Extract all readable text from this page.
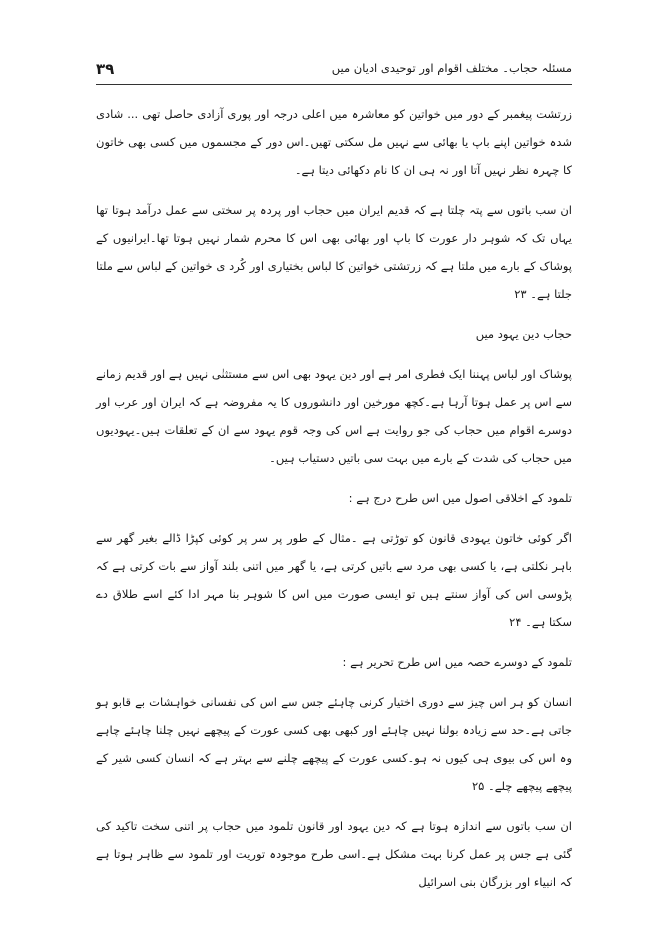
۳۹	مسئلہ حجاب۔ مختلف اقوام اور توحیدی ادیان میں

زرتشت پیغمبر کے دور میں خواتین کو معاشرہ میں اعلی درجہ اور پوری آزادی حاصل تھی ... شادی شدہ خواتین اپنے باپ یا بھائی سے نہیں مل سکتی تھیں۔اس دور کے مجسموں میں کسی بھی خاتون کا چہرہ نظر نہیں آتا اور نہ ہی ان کا نام دکھائی دیتا ہے۔

ان سب باتوں سے پتہ چلتا ہے کہ قدیم ایران میں حجاب اور پردہ پر سختی سے عمل درآمد ہوتا تھا یہاں تک کہ شوہر دار عورت کا باپ اور بھائی بھی اس کا محرم شمار نہیں ہوتا تھا۔ایرانیوں کے پوشاک کے بارے میں ملتا ہے کہ زرتشتی خواتین کا لباس بختیاری اور کُرد ی خواتین کے لباس سے ملتا جلتا ہے۔ ۲۳

حجاب دین یہود میں

پوشاک اور لباس پہننا ایک فطری امر ہے اور دین یہود بھی اس سے مستثنٰی نہیں ہے اور قدیم زمانے سے اس پر عمل ہوتا آرہا ہے۔کچھ مورخین اور دانشوروں کا یہ مفروضہ ہے کہ ایران اور عرب اور دوسرے اقوام میں حجاب کی جو روایت ہے اس کی وجہ قوم یہود سے ان کے تعلقات ہیں۔یہودیوں میں حجاب کی شدت کے بارے میں بہت سی باتیں دستیاب ہیں۔

تلمود کے اخلاقی اصول میں اس طرح درج ہے :

اگر کوئی خاتون یہودی قانون کو توڑتی ہے ۔مثال کے طور پر سر پر کوئی کپڑا ڈالے بغیر گھر سے باہر نکلتی ہے، یا کسی بھی مرد سے باتیں کرتی ہے، یا گھر میں اتنی بلند آواز سے بات کرتی ہے کہ پڑوسی اس کی آواز سنتے ہیں تو ایسی صورت میں اس کا شوہر بنا مہر ادا کئے اسے طلاق دے سکتا ہے۔ ۲۴

تلمود کے دوسرے حصہ میں اس طرح تحریر ہے :

انسان کو ہر اس چیز سے دوری اختیار کرنی چاہئے جس سے اس کی نفسانی خواہشات بے قابو ہو جاتی ہے۔حد سے زیادہ بولنا نہیں چاہئے اور کبھی بھی کسی عورت کے پیچھے نہیں چلنا چاہئے چاہے وہ اس کی بیوی ہی کیوں نہ ہو۔کسی عورت کے پیچھے چلنے سے بہتر ہے کہ انسان کسی شیر کے پیچھے پیچھے چلے۔ ۲۵

ان سب باتوں سے اندازہ ہوتا ہے کہ دین یہود اور قانون تلمود میں حجاب پر اتنی سخت تاکید کی گئی ہے جس پر عمل کرنا بہت مشکل ہے۔اسی طرح موجودہ توریت اور تلمود سے ظاہر ہوتا ہے کہ انبیاء اور بزرگان بنی اسرائیل
